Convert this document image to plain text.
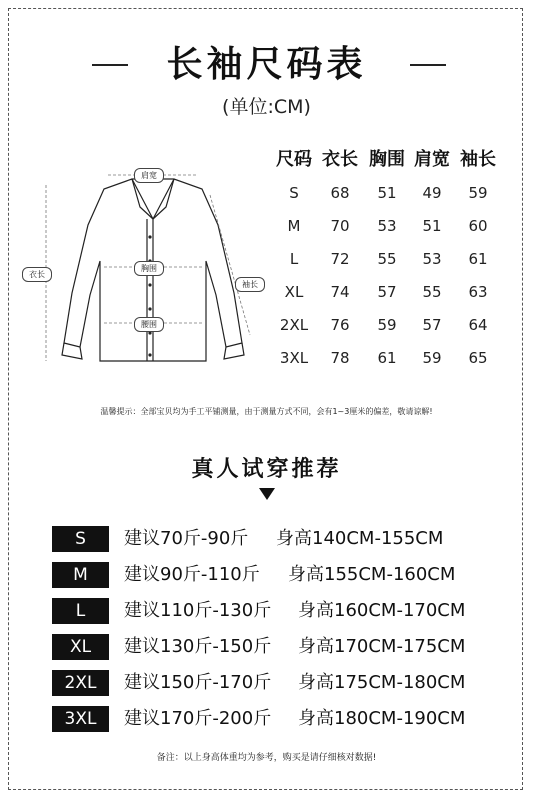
长袖尺码表
(单位:CM)
尺码	衣长	胸围	肩宽	袖长
S	68	51	49	59
M	70	53	51	60
L	72	55	53	61
XL	74	57	55	63
2XL	76	59	57	64
3XL	78	61	59	65
肩宽
衣长
胸围
袖长
腰围
温馨提示：全部宝贝均为手工平铺测量，由于测量方式不同，会有1~3厘米的偏差，敬请谅解!
真人试穿推荐
S	建议70斤-90斤 身高140CM-155CM
M	建议90斤-110斤 身高155CM-160CM
L	建议110斤-130斤 身高160CM-170CM
XL	建议130斤-150斤 身高170CM-175CM
2XL	建议150斤-170斤 身高175CM-180CM
3XL	建议170斤-200斤 身高180CM-190CM
备注：以上身高体重均为参考，购买是请仔细核对数据!
